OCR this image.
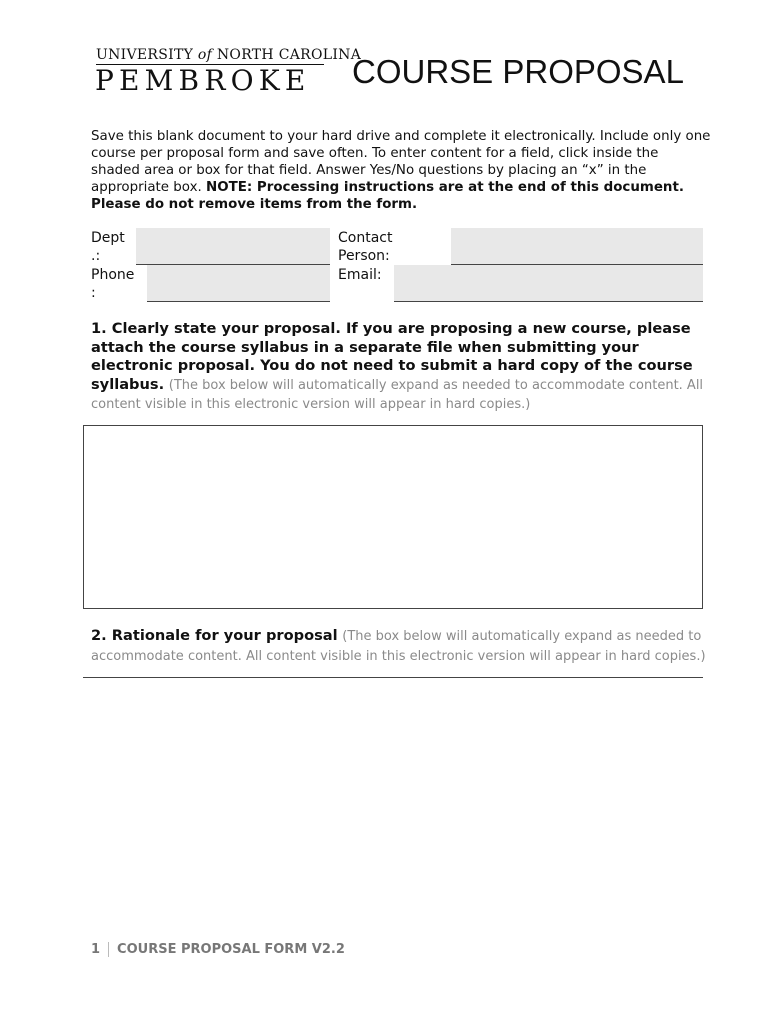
UNIVERSITY of NORTH CAROLINA
PEMBROKE COURSE PROPOSAL
Save this blank document to your hard drive and complete it electronically. Include only one course per proposal form and save often. To enter content for a field, click inside the shaded area or box for that field. Answer Yes/No questions by placing an “x” in the appropriate box. NOTE: Processing instructions are at the end of this document. Please do not remove items from the form.
Dept
.:
Phone
:
Contact
Person:
Email:
1. Clearly state your proposal. If you are proposing a new course, please attach the course syllabus in a separate file when submitting your electronic proposal. You do not need to submit a hard copy of the course syllabus. (The box below will automatically expand as needed to accommodate content. All content visible in this electronic version will appear in hard copies.)
2. Rationale for your proposal (The box below will automatically expand as needed to accommodate content. All content visible in this electronic version will appear in hard copies.)
1 COURSE PROPOSAL FORM V2.2
